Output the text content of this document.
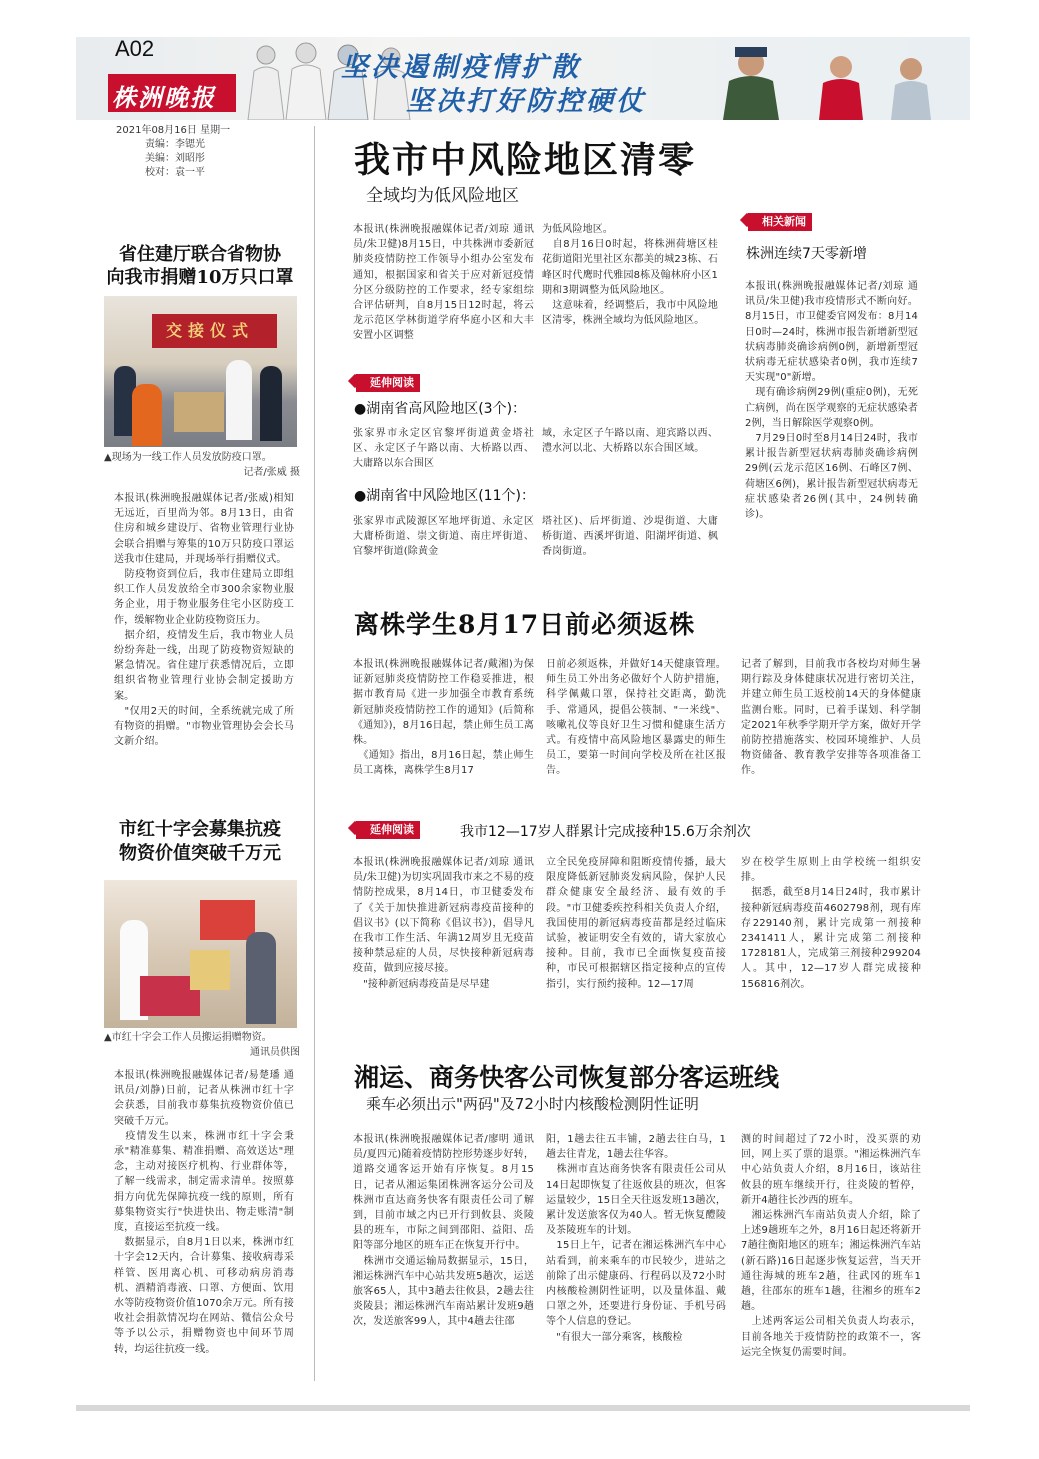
坚决遏制疫情扩散
坚决打好防控硬仗
A02
株洲晚报
2021年08月16日 星期一
责编：李锶光
美编：刘昭彤
校对：袁一平
省住建厅联合省物协
向我市捐赠10万只口罩
交接仪式
▲现场为一线工作人员发放防疫口罩。
记者/张威 摄
本报讯(株洲晚报融媒体记者/张威)相知无远近，百里尚为邻。8月13日，由省住房和城乡建设厅、省物业管理行业协会联合捐赠与筹集的10万只防疫口罩运送我市住建局，并现场举行捐赠仪式。
　防疫物资到位后，我市住建局立即组织工作人员发放给全市300余家物业服务企业，用于物业服务住宅小区防疫工作，缓解物业企业防疫物资压力。
　据介绍，疫情发生后，我市物业人员纷纷奔赴一线，出现了防疫物资短缺的紧急情况。省住建厅获悉情况后，立即组织省物业管理行业协会制定援助方案。
　"仅用2天的时间，全系统就完成了所有物资的捐赠。"市物业管理协会会长马文新介绍。
市红十字会募集抗疫
物资价值突破千万元
▲市红十字会工作人员搬运捐赠物资。
通讯员供图
本报讯(株洲晚报融媒体记者/易楚璠 通讯员/刘静)日前，记者从株洲市红十字会获悉，目前我市募集抗疫物资价值已突破千万元。
　疫情发生以来，株洲市红十字会秉承"精准募集、精准捐赠、高效送达"理念，主动对接医疗机构、行业群体等，了解一线需求，制定需求清单。按照募捐方向优先保障抗疫一线的原则，所有募集物资实行"快进快出、物走账清"制度，直接运至抗疫一线。
　数据显示，自8月1日以来，株洲市红十字会12天内，合计募集、接收病毒采样管、医用离心机、可移动病房消毒机、酒精消毒液、口罩、方便面、饮用水等防疫物资价值1070余万元。所有接收社会捐款情况均在网站、微信公众号等予以公示，捐赠物资也中间环节周转，均运往抗疫一线。
我市中风险地区清零
全域均为低风险地区
本报讯(株洲晚报融媒体记者/刘琼 通讯员/朱卫健)8月15日，中共株洲市委新冠肺炎疫情防控工作领导小组办公室发布通知，根据国家和省关于应对新冠疫情分区分级防控的工作要求，经专家组综合评估研判，自8月15日12时起，将云龙示范区学林街道学府华庭小区和大丰安置小区调整
为低风险地区。
　自8月16日0时起，将株洲荷塘区桂花街道阳光里社区东都美的城23栋、石峰区时代鹰时代雅园8栋及翰林府小区1期和3期调整为低风险地区。
　这意味着，经调整后，我市中风险地区清零，株洲全域均为低风险地区。
相关新闻
株洲连续7天零新增
本报讯(株洲晚报融媒体记者/刘琼 通讯员/朱卫健)我市疫情形式不断向好。8月15日，市卫健委官网发布：8月14日0时—24时，株洲市报告新增新型冠状病毒肺炎确诊病例0例，新增新型冠状病毒无症状感染者0例，我市连续7天实现"0"新增。
　现有确诊病例29例(重症0例)，无死亡病例，尚在医学观察的无症状感染者2例，当日解除医学观察0例。
　7月29日0时至8月14日24时，我市累计报告新型冠状病毒肺炎确诊病例29例(云龙示范区16例、石峰区7例、荷塘区6例)，累计报告新型冠状病毒无症状感染者26例(其中，24例转确诊)。
延伸阅读
●湖南省高风险地区(3个)：
张家界市永定区官黎坪街道黄金塔社区、永定区子午路以南、大桥路以西、大庸路以东合围区
域，永定区子午路以南、迎宾路以西、澧水河以北、大桥路以东合围区域。
●湖南省中风险地区(11个)：
张家界市武陵源区军地坪街道、永定区大庸桥街道、崇文街道、南庄坪街道、官黎坪街道(除黄金
塔社区)、后坪街道、沙堤街道、大庸桥街道、西溪坪街道、阳湖坪街道、枫香岗街道。
离株学生8月17日前必须返株
本报讯(株洲晚报融媒体记者/戴湘)为保证新冠肺炎疫情防控工作稳妥推进，根据市教育局《进一步加强全市教育系统新冠肺炎疫情防控工作的通知》(后简称《通知》)，8月16日起，禁止师生员工离株。
　《通知》指出，8月16日起，禁止师生员工离株，离株学生8月17
日前必须返株，并做好14天健康管理。师生员工外出务必做好个人防护措施，科学佩戴口罩，保持社交距离，勤洗手、常通风，提倡公筷制、"一米线"、咳嗽礼仪等良好卫生习惯和健康生活方式。有疫情中高风险地区暴露史的师生员工，要第一时间向学校及所在社区报告。
记者了解到，目前我市各校均对师生暑期行踪及身体健康状况进行密切关注，并建立师生员工返校前14天的身体健康监测台账。同时，已着手谋划、科学制定2021年秋季学期开学方案，做好开学前防控措施落实、校园环境维护、人员物资储备、教育教学安排等各项准备工作。
延伸阅读	我市12—17岁人群累计完成接种15.6万余剂次
本报讯(株洲晚报融媒体记者/刘琼 通讯员/朱卫健)为切实巩固我市来之不易的疫情防控成果，8月14日，市卫健委发布了《关于加快推进新冠病毒疫苗接种的倡议书》(以下简称《倡议书》)，倡导凡在我市工作生活、年满12周岁且无疫苗接种禁忌症的人员，尽快接种新冠病毒疫苗，做到应接尽接。
　"接种新冠病毒疫苗是尽早建
立全民免疫屏障和阻断疫情传播，最大限度降低新冠肺炎发病风险，保护人民群众健康安全最经济、最有效的手段。"市卫健委疾控科相关负责人介绍，我国使用的新冠病毒疫苗都是经过临床试验，被证明安全有效的，请大家放心接种。目前，我市已全面恢复疫苗接种，市民可根据辖区指定接种点的宣传指引，实行预约接种。12—17周
岁在校学生原则上由学校统一组织安排。
　据悉，截至8月14日24时，我市累计接种新冠病毒疫苗4602798剂，现有库存229140剂，累计完成第一剂接种2341411人，累计完成第二剂接种1728181人，完成第三剂接种299204人。其中，12—17岁人群完成接种156816剂次。
湘运、商务快客公司恢复部分客运班线
乘车必须出示"两码"及72小时内核酸检测阴性证明
本报讯(株洲晚报融媒体记者/廖明 通讯员/夏四元)随着疫情防控形势逐步好转，道路交通客运开始有序恢复。8月15日，记者从湘运集团株洲客运分公司及株洲市直达商务快客有限责任公司了解到，目前市域之内已开行到攸县、炎陵县的班车，市际之间到邵阳、益阳、岳阳等部分地区的班车正在恢复开行中。
　株洲市交通运输局数据显示，15日，湘运株洲汽车中心站共发班5趟次，运送旅客65人，其中3趟去往攸县，2趟去往炎陵县；湘运株洲汽车南站累计发班9趟次，发送旅客99人，其中4趟去往邵
阳，1趟去往五丰铺，2趟去往白马，1趟去往青龙，1趟去往华容。
　株洲市直达商务快客有限责任公司从14日起即恢复了往返攸县的班次，但客运量较少，15日全天往返发班13趟次，累计发送旅客仅为40人。暂无恢复醴陵及茶陵班车的计划。
　15日上午，记者在湘运株洲汽车中心站看到，前来乘车的市民较少，进站之前除了出示健康码、行程码以及72小时内核酸检测阴性证明，以及量体温、戴口罩之外，还要进行身份证、手机号码等个人信息的登记。
　"有很大一部分乘客，核酸检
测的时间超过了72小时，没买票的劝回，网上买了票的退票。"湘运株洲汽车中心站负责人介绍，8月16日，该站往攸县的班车继续开行，往炎陵的暂停，新开4趟往长沙西的班车。
　湘运株洲汽车南站负责人介绍，除了上述9趟班车之外，8月16日起还将新开7趟往衡阳地区的班车；湘运株洲汽车站(新石路)16日起逐步恢复运营，当天开通往海城的班车2趟，往武冈的班车1趟，往邵东的班车1趟，往湘乡的班车2趟。
　上述两客运公司相关负责人均表示，目前各地关于疫情防控的政策不一，客运完全恢复仍需要时间。
